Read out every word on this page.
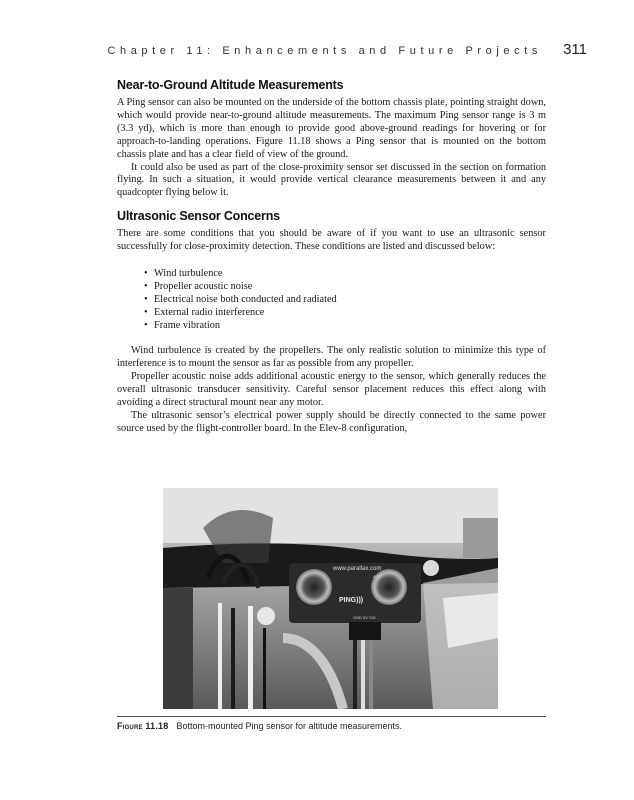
Chapter 11: Enhancements and Future Projects 311
Near-to-Ground Altitude Measurements

A Ping sensor can also be mounted on the underside of the bottom chassis plate, pointing straight down, which would provide near-to-ground altitude measurements. The maximum Ping sensor range is 3 m (3.3 yd), which is more than enough to provide good above-ground readings for hovering or for approach-to-landing operations. Figure 11.18 shows a Ping sensor that is mounted on the bottom chassis plate and has a clear field of view of the ground.

It could also be used as part of the close-proximity sensor set discussed in the section on formation flying. In such a situation, it would provide vertical clearance measurements between it and any quadcopter flying below it.

Ultrasonic Sensor Concerns

There are some conditions that you should be aware of if you want to use an ultrasonic sensor successfully for close-proximity detection. These conditions are listed and discussed below:

• Wind turbulence
• Propeller acoustic noise
• Electrical noise both conducted and radiated
• External radio interference
• Frame vibration

Wind turbulence is created by the propellers. The only realistic solution to minimize this type of interference is to mount the sensor as far as possible from any propeller.

Propeller acoustic noise adds additional acoustic energy to the sensor, which generally reduces the overall ultrasonic transducer sensitivity. Careful sensor placement reduces this effect along with avoiding a direct structural mount near any motor.

The ultrasonic sensor’s electrical power supply should be directly connected to the same power source used by the flight-controller board. In the Elev-8 configuration,

www.parallax.com
PING)))
ACT
GND 5V SIG
Figure 11.18 Bottom-mounted Ping sensor for altitude measurements.
